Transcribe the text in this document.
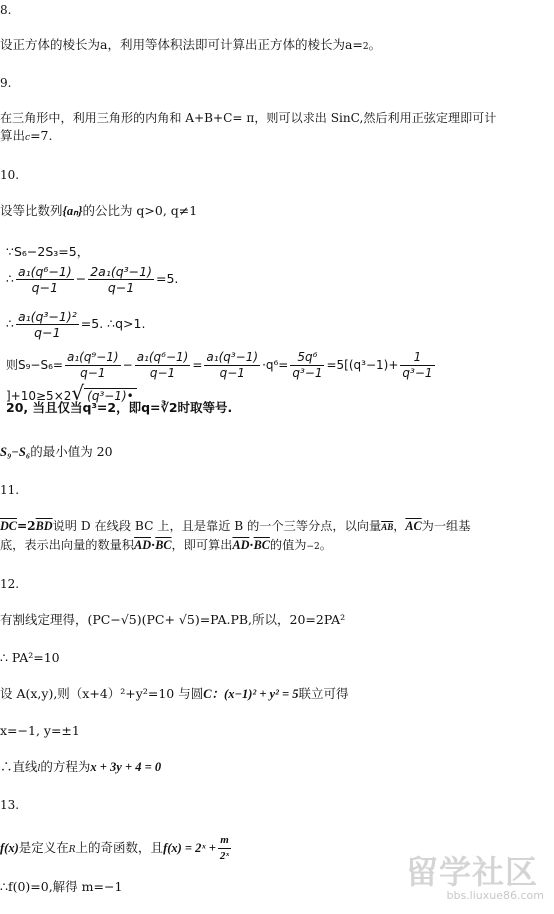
8.
设正方体的棱长为a，利用等体积法即可计算出正方体的棱长为a=2。
9.
在三角形中，利用三角形的内角和 A+B+C= π，则可以求出 SinC,然后利用正弦定理即可计
算出c=7.
10.
设等比数列{aₙ}的公比为 q>0, q≠1
∵S₆−2S₃=5，
∴ $\frac{\text{a₁(q⁶−1)}}{q-1} - \frac{\text{2a₁(q³−1)}}{q-1} =5$.
∴ $\frac{\text{a₁(q³−1)²}}{q-1} =5$. ∴q>1.
则$S_9-S_6= \frac{\text{a₁(q⁹−1)}}{q-1} - \frac{\text{a₁(q⁶−1)}}{q-1} = \frac{\text{a₁(q³−1)}}{q-1} \cdot q^6= \frac{\text{5q⁶}}{\text{q³−1}} =5[(q^3-1)+ \frac{1}{\text{q³−1}}$
]+10≥5×2√ (q³−1)•
20, 当且仅当q³=2，即q=∛2时取等号.
S₉−S₆的最小值为 20
11.
$\overline{DC}=2\overline{BD}$说明 D 在线段 BC 上，且是靠近 B 的一个三等分点，以向量$\overline{AB}$，$\overline{AC}$为一组基
底，表示出向量的数量积$\overline{AD}\cdot\overline{BC}$，即可算出$\overline{AD}\cdot\overline{BC}$的值为−2。
12.
有割线定理得，(PC−√5)(PC+ √5)=PA.PB,所以，20=2PA²
∴ PA²=10
设 A(x,y),则（x+4）²+y²=10 与圆C：(x−1)² + y² = 5联立可得
x=−1, y=±1
∴直线l的方程为x + 3y + 4 = 0
13.
f(x)是定义在R上的奇函数，且f(x) = 2ˣ + $\frac{m}{\text{2ˣ}}$
∴f(0)=0,解得 m=−1	留学社区
bbs.liuxue86.com
